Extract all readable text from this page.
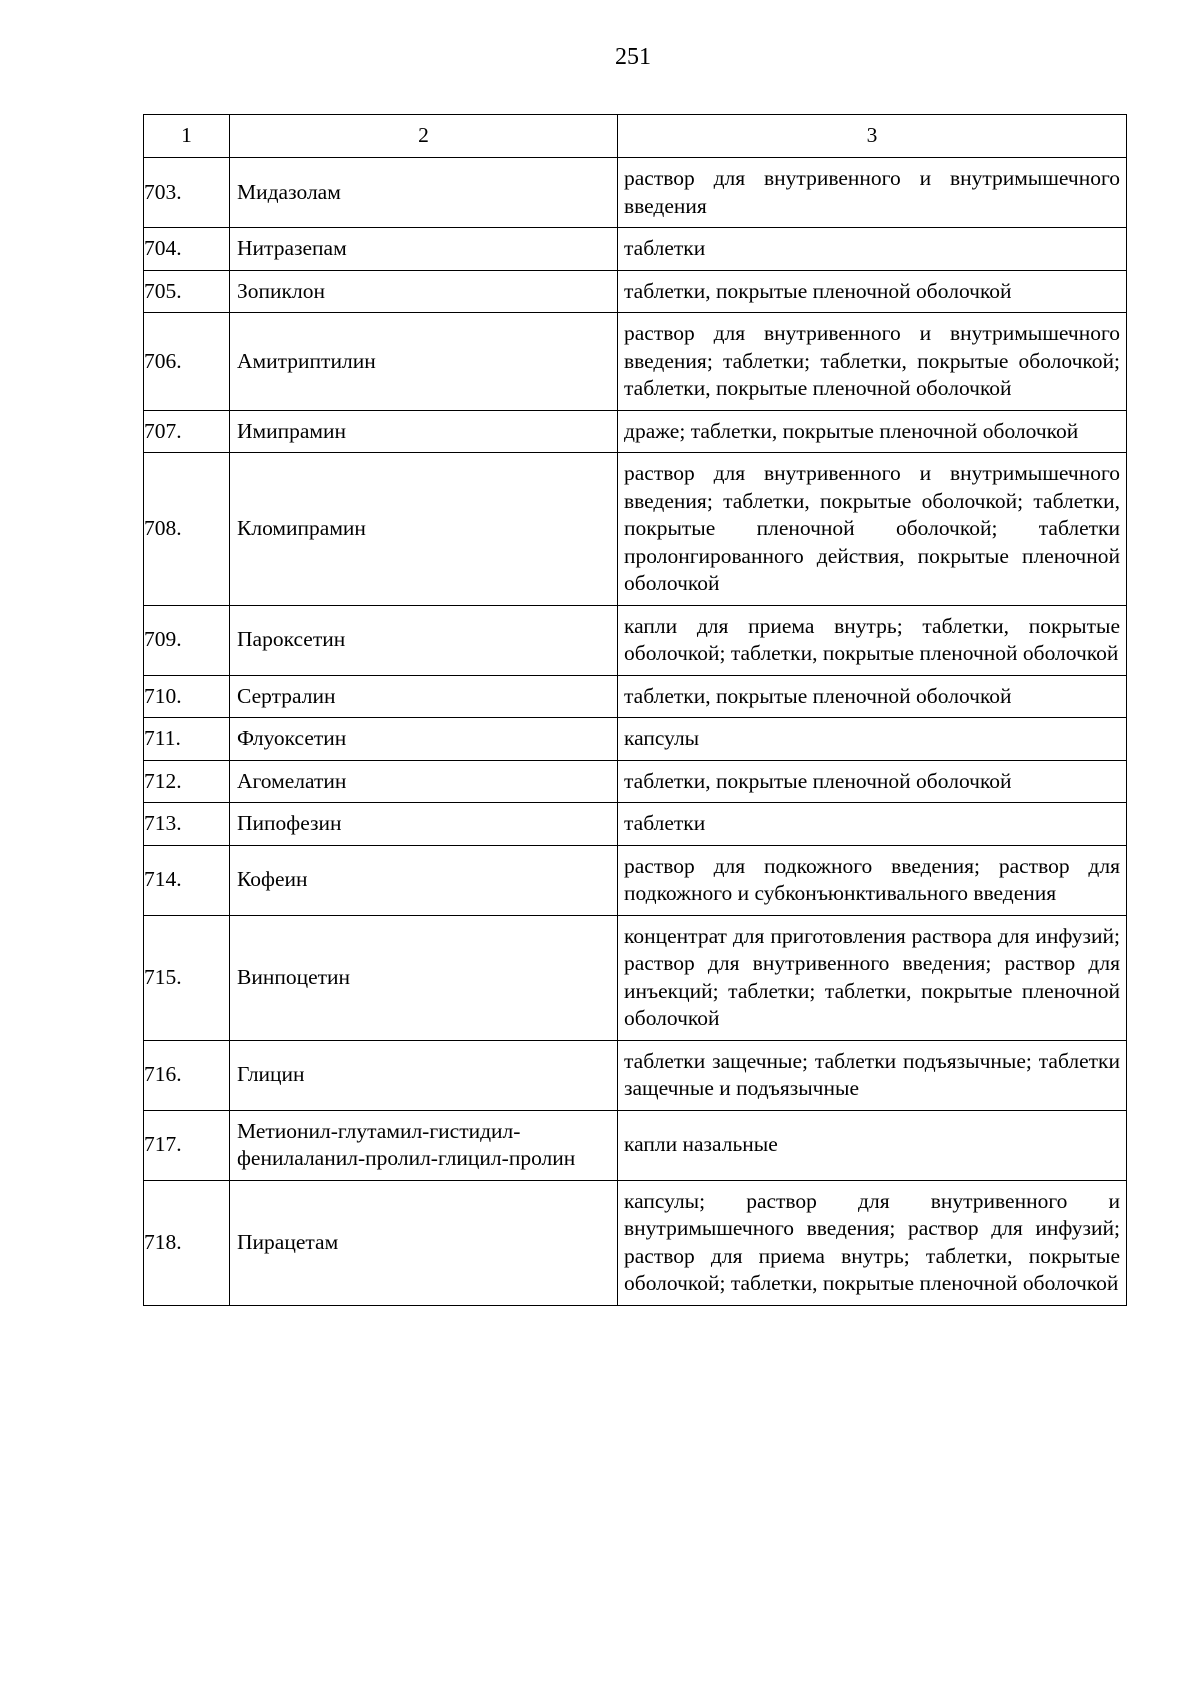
251
1	2	3
703.	Мидазолам	раствор для внутривенного и внутримышечного введения
704.	Нитразепам	таблетки
705.	Зопиклон	таблетки, покрытые пленочной оболочкой
706.	Амитриптилин	раствор для внутривенного и внутримышечного введения; таблетки; таблетки, покрытые оболочкой; таблетки, покрытые пленочной оболочкой
707.	Имипрамин	драже; таблетки, покрытые пленочной оболочкой
708.	Кломипрамин	раствор для внутривенного и внутримышечного введения; таблетки, покрытые оболочкой; таблетки, покрытые пленочной оболочкой; таблетки пролонгированного действия, покрытые пленочной оболочкой
709.	Пароксетин	капли для приема внутрь; таблетки, покрытые оболочкой; таблетки, покрытые пленочной оболочкой
710.	Сертралин	таблетки, покрытые пленочной оболочкой
711.	Флуоксетин	капсулы
712.	Агомелатин	таблетки, покрытые пленочной оболочкой
713.	Пипофезин	таблетки
714.	Кофеин	раствор для подкожного введения; раствор для подкожного и субконъюнктивального введения
715.	Винпоцетин	концентрат для приготовления раствора для инфузий; раствор для внутривенного введения; раствор для инъекций; таблетки; таблетки, покрытые пленочной оболочкой
716.	Глицин	таблетки защечные; таблетки подъязычные; таблетки защечные и подъязычные
717.	Метионил-глутамил-гистидил-фенилаланил-пролил-глицил-пролин	капли назальные
718.	Пирацетам	капсулы; раствор для внутривенного и внутримышечного введения; раствор для инфузий; раствор для приема внутрь; таблетки, покрытые оболочкой; таблетки, покрытые пленочной оболочкой
